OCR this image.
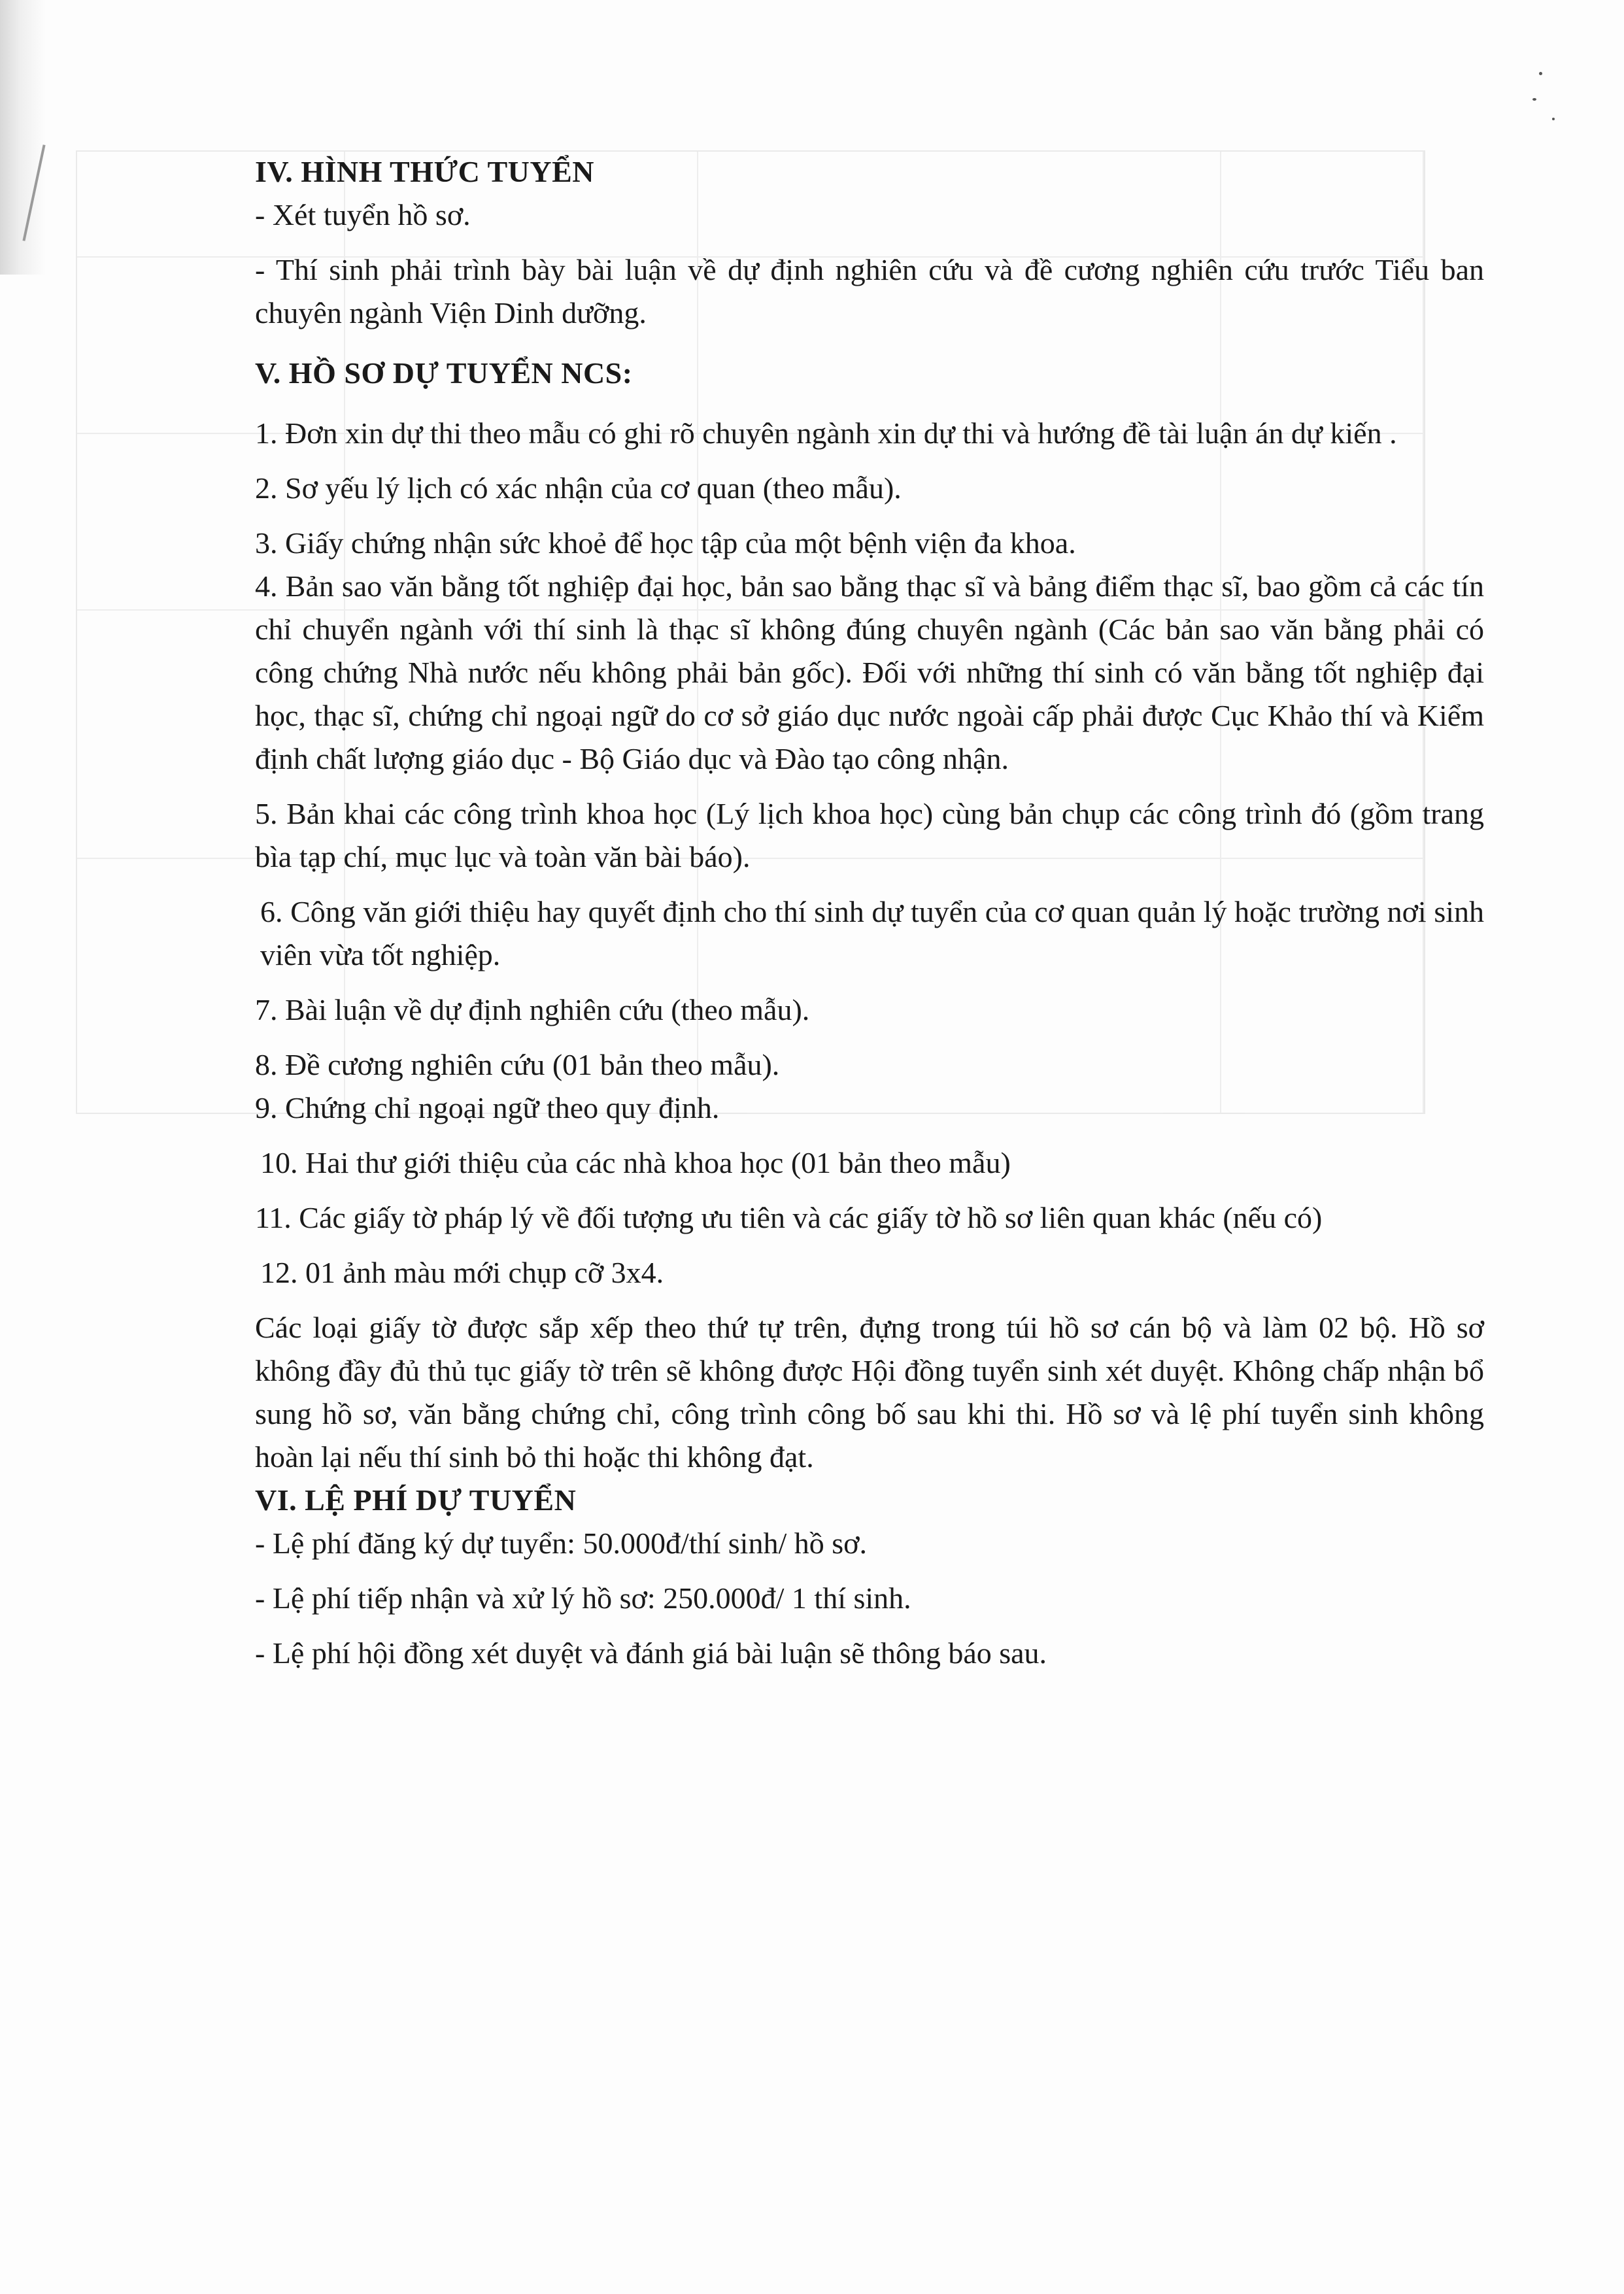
IV. HÌNH THỨC TUYỂN

- Xét tuyển hồ sơ.

- Thí sinh phải trình bày bài luận về dự định nghiên cứu và đề cương nghiên cứu trước Tiểu ban chuyên ngành Viện Dinh dưỡng.

V. HỒ SƠ DỰ TUYỂN NCS:

1. Đơn xin dự thi theo mẫu có ghi rõ chuyên ngành xin dự thi và hướng đề tài luận án dự kiến .

2. Sơ yếu lý lịch có xác nhận của cơ quan (theo mẫu).

3. Giấy chứng nhận sức khoẻ để học tập của một bệnh viện đa khoa.

4. Bản sao văn bằng tốt nghiệp đại học, bản sao bằng thạc sĩ và bảng điểm thạc sĩ, bao gồm cả các tín chỉ chuyển ngành với thí sinh là thạc sĩ không đúng chuyên ngành (Các bản sao văn bằng phải có công chứng Nhà nước nếu không phải bản gốc). Đối với những thí sinh có văn bằng tốt nghiệp đại học, thạc sĩ, chứng chỉ ngoại ngữ do cơ sở giáo dục nước ngoài cấp phải được Cục Khảo thí và Kiểm định chất lượng giáo dục - Bộ Giáo dục và Đào tạo công nhận.

5. Bản khai các công trình khoa học (Lý lịch khoa học) cùng bản chụp các công trình đó (gồm trang bìa tạp chí, mục lục và toàn văn bài báo).

6. Công văn giới thiệu hay quyết định cho thí sinh dự tuyển của cơ quan quản lý hoặc trường nơi sinh viên vừa tốt nghiệp.

7. Bài luận về dự định nghiên cứu (theo mẫu).

8. Đề cương nghiên cứu (01 bản theo mẫu).

9. Chứng chỉ ngoại ngữ theo quy định.

10. Hai thư giới thiệu của các nhà khoa học (01 bản theo mẫu)

11. Các giấy tờ pháp lý về đối tượng ưu tiên và các giấy tờ hồ sơ liên quan khác (nếu có)

12. 01 ảnh màu mới chụp cỡ 3x4.

Các loại giấy tờ được sắp xếp theo thứ tự trên, đựng trong túi hồ sơ cán bộ và làm 02 bộ. Hồ sơ không đầy đủ thủ tục giấy tờ trên sẽ không được Hội đồng tuyển sinh xét duyệt. Không chấp nhận bổ sung hồ sơ, văn bằng chứng chỉ, công trình công bố sau khi thi. Hồ sơ và lệ phí tuyển sinh không hoàn lại nếu thí sinh bỏ thi hoặc thi không đạt.

VI. LỆ PHÍ DỰ TUYỂN

- Lệ phí đăng ký dự tuyển: 50.000đ/thí sinh/ hồ sơ.

- Lệ phí tiếp nhận và xử lý hồ sơ: 250.000đ/ 1 thí sinh.

- Lệ phí hội đồng xét duyệt và đánh giá bài luận sẽ thông báo sau.
